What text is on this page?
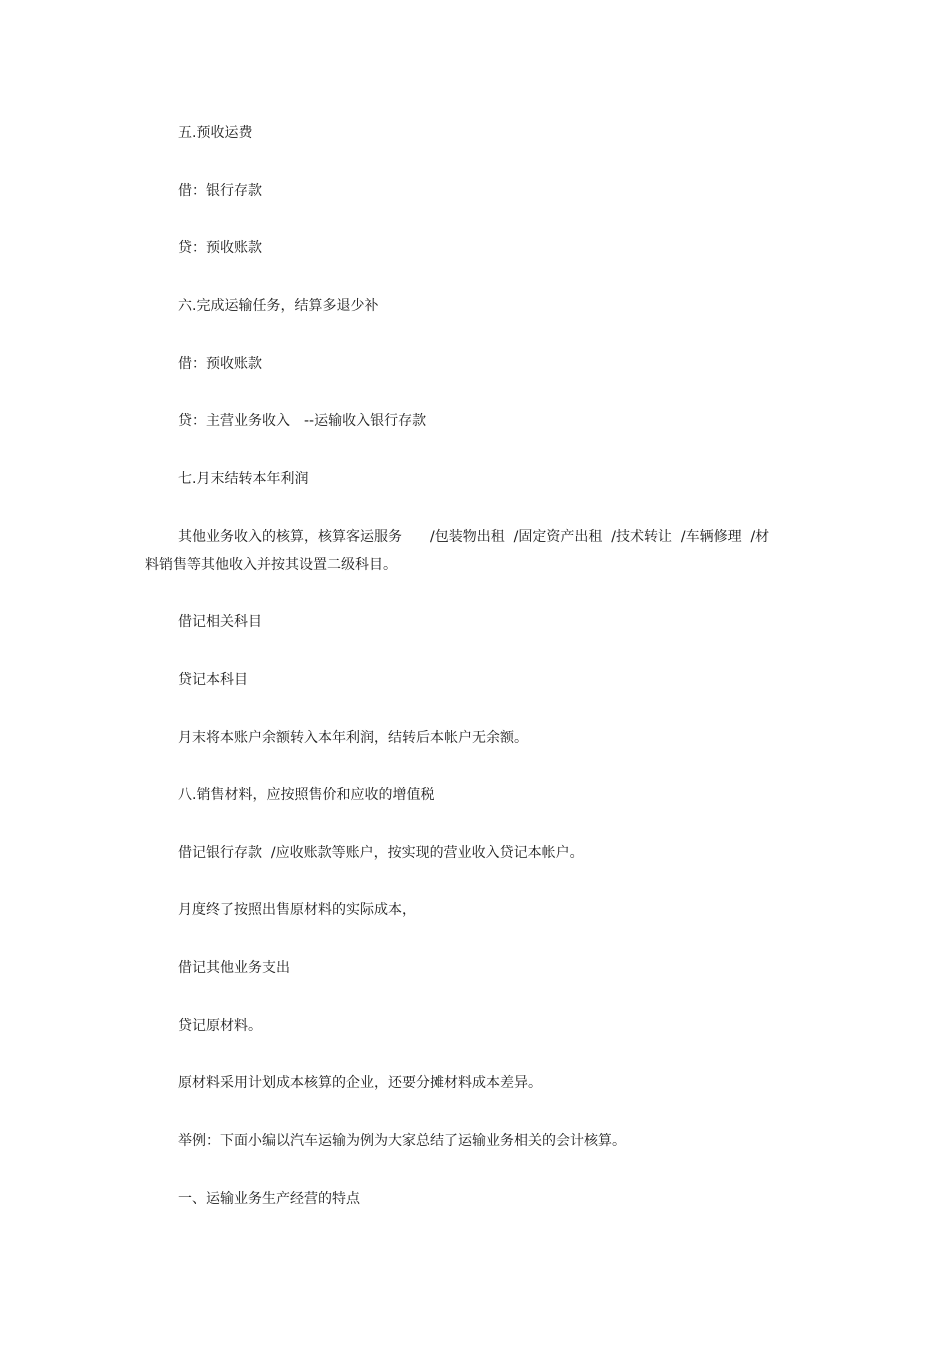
五.预收运费

借：银行存款

贷：预收账款

六.完成运输任务，结算多退少补

借：预收账款

贷：主营业务收入　--运输收入银行存款

七.月末结转本年利润

其他业务收入的核算，核算客运服务　　/包装物出租  /固定资产出租  /技术转让  /车辆修理  /材

料销售等其他收入并按其设置二级科目。

借记相关科目

贷记本科目

月末将本账户余额转入本年利润，结转后本帐户无余额。

八.销售材料，应按照售价和应收的增值税

借记银行存款  /应收账款等账户，按实现的营业收入贷记本帐户。

月度终了按照出售原材料的实际成本，

借记其他业务支出

贷记原材料。

原材料采用计划成本核算的企业，还要分摊材料成本差异。

举例：下面小编以汽车运输为例为大家总结了运输业务相关的会计核算。

一、运输业务生产经营的特点
